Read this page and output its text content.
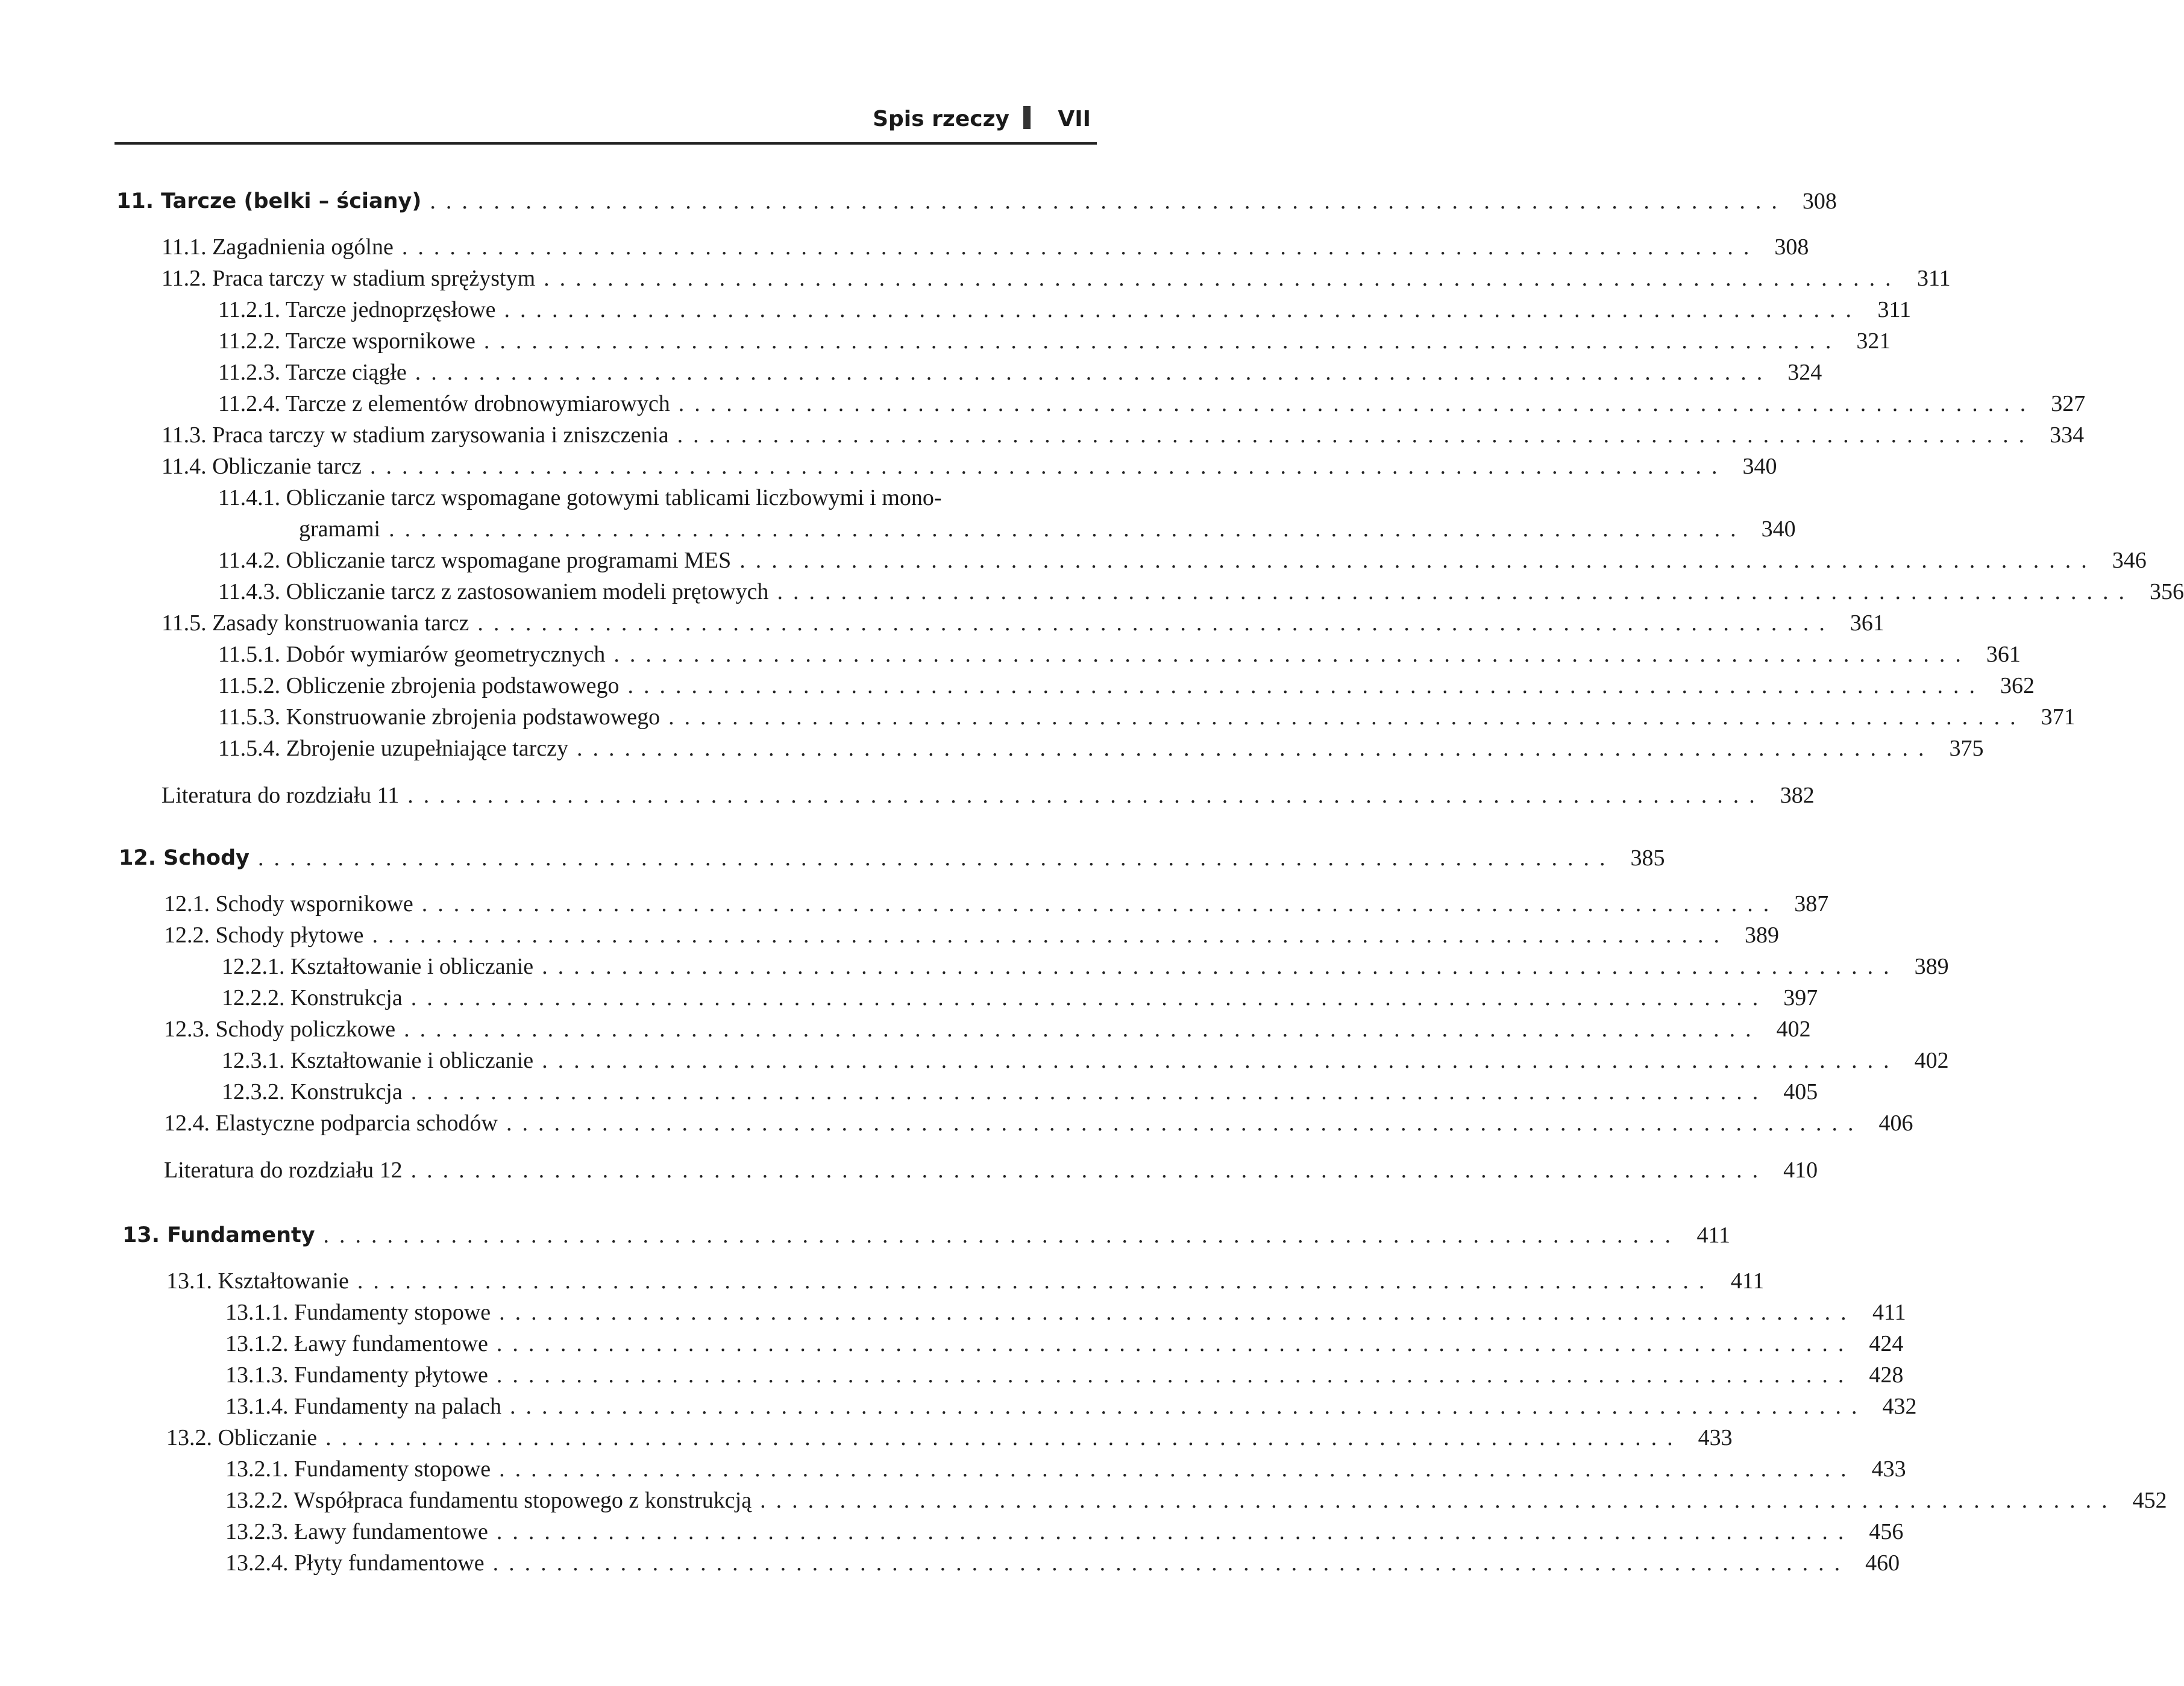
Spis rzeczy VII
11. Tarcze (belki – ściany) ..................................................................................... 308
11.1. Zagadnienia ogólne ..................................................................................... 308
11.2. Praca tarczy w stadium sprężystym ..................................................................................... 311
11.2.1. Tarcze jednoprzęsłowe ..................................................................................... 311
11.2.2. Tarcze wspornikowe ..................................................................................... 321
11.2.3. Tarcze ciągłe ..................................................................................... 324
11.2.4. Tarcze z elementów drobnowymiarowych ..................................................................................... 327
11.3. Praca tarczy w stadium zarysowania i zniszczenia ..................................................................................... 334
11.4. Obliczanie tarcz ..................................................................................... 340
11.4.1. Obliczanie tarcz wspomagane gotowymi tablicami liczbowymi i mono-
gramami ..................................................................................... 340
11.4.2. Obliczanie tarcz wspomagane programami MES ..................................................................................... 346
11.4.3. Obliczanie tarcz z zastosowaniem modeli prętowych ..................................................................................... 356
11.5. Zasady konstruowania tarcz ..................................................................................... 361
11.5.1. Dobór wymiarów geometrycznych ..................................................................................... 361
11.5.2. Obliczenie zbrojenia podstawowego ..................................................................................... 362
11.5.3. Konstruowanie zbrojenia podstawowego ..................................................................................... 371
11.5.4. Zbrojenie uzupełniające tarczy ..................................................................................... 375
Literatura do rozdziału 11 ..................................................................................... 382
12. Schody ..................................................................................... 385
12.1. Schody wspornikowe ..................................................................................... 387
12.2. Schody płytowe ..................................................................................... 389
12.2.1. Kształtowanie i obliczanie ..................................................................................... 389
12.2.2. Konstrukcja ..................................................................................... 397
12.3. Schody policzkowe ..................................................................................... 402
12.3.1. Kształtowanie i obliczanie ..................................................................................... 402
12.3.2. Konstrukcja ..................................................................................... 405
12.4. Elastyczne podparcia schodów ..................................................................................... 406
Literatura do rozdziału 12 ..................................................................................... 410
13. Fundamenty ..................................................................................... 411
13.1. Kształtowanie ..................................................................................... 411
13.1.1. Fundamenty stopowe ..................................................................................... 411
13.1.2. Ławy fundamentowe ..................................................................................... 424
13.1.3. Fundamenty płytowe ..................................................................................... 428
13.1.4. Fundamenty na palach ..................................................................................... 432
13.2. Obliczanie ..................................................................................... 433
13.2.1. Fundamenty stopowe ..................................................................................... 433
13.2.2. Współpraca fundamentu stopowego z konstrukcją ..................................................................................... 452
13.2.3. Ławy fundamentowe ..................................................................................... 456
13.2.4. Płyty fundamentowe ..................................................................................... 460
